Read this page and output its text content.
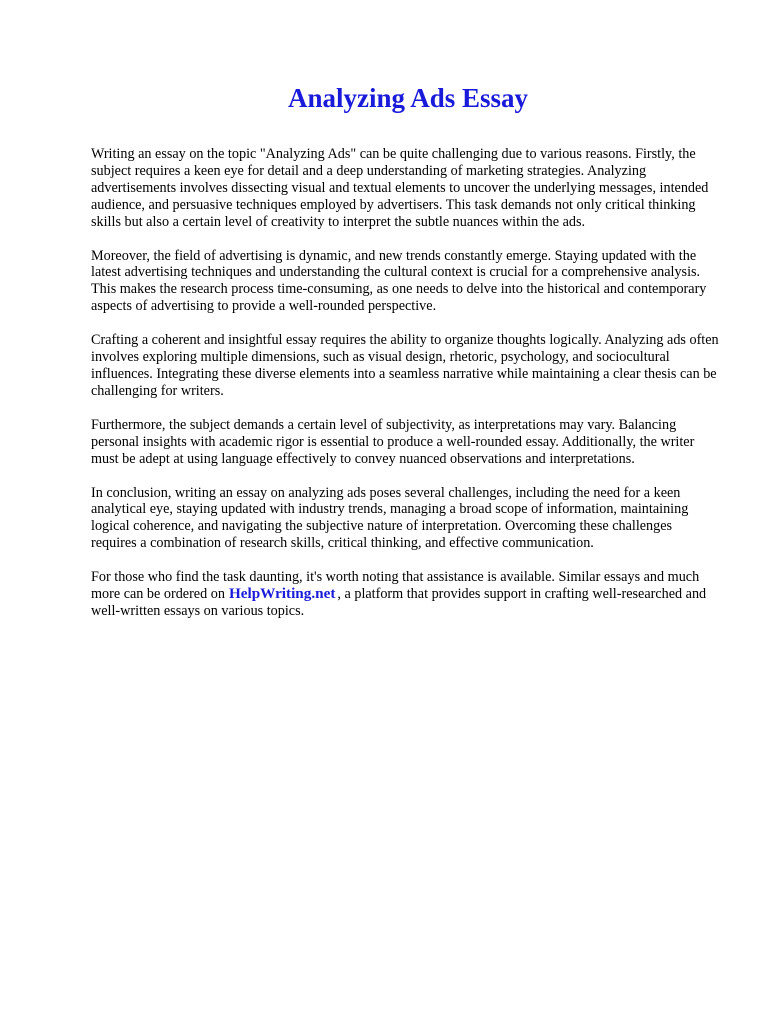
Analyzing Ads Essay

Writing an essay on the topic "Analyzing Ads" can be quite challenging due to various reasons. Firstly, the subject requires a keen eye for detail and a deep understanding of marketing strategies. Analyzing advertisements involves dissecting visual and textual elements to uncover the underlying messages, intended audience, and persuasive techniques employed by advertisers. This task demands not only critical thinking skills but also a certain level of creativity to interpret the subtle nuances within the ads.

Moreover, the field of advertising is dynamic, and new trends constantly emerge. Staying updated with the latest advertising techniques and understanding the cultural context is crucial for a comprehensive analysis. This makes the research process time-consuming, as one needs to delve into the historical and contemporary aspects of advertising to provide a well-rounded perspective.

Crafting a coherent and insightful essay requires the ability to organize thoughts logically. Analyzing ads often involves exploring multiple dimensions, such as visual design, rhetoric, psychology, and sociocultural influences. Integrating these diverse elements into a seamless narrative while maintaining a clear thesis can be challenging for writers.

Furthermore, the subject demands a certain level of subjectivity, as interpretations may vary. Balancing personal insights with academic rigor is essential to produce a well-rounded essay. Additionally, the writer must be adept at using language effectively to convey nuanced observations and interpretations.

In conclusion, writing an essay on analyzing ads poses several challenges, including the need for a keen analytical eye, staying updated with industry trends, managing a broad scope of information, maintaining logical coherence, and navigating the subjective nature of interpretation. Overcoming these challenges requires a combination of research skills, critical thinking, and effective communication.

For those who find the task daunting, it's worth noting that assistance is available. Similar essays and much more can be ordered on HelpWriting.net , a platform that provides support in crafting well-researched and well-written essays on various topics.
